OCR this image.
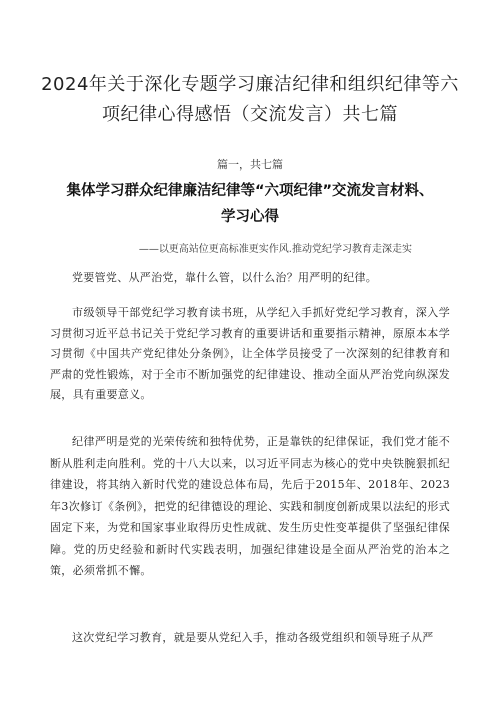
2024年关于深化专题学习廉洁纪律和组织纪律等六
项纪律心得感悟（交流发言）共七篇
篇一，共七篇
集体学习群众纪律廉洁纪律等“六项纪律”交流发言材料、
学习心得
——以更高站位更高标准更实作风.推动党纪学习教育走深走实

党要管党、从严治党，靠什么管，以什么治？用严明的纪律。

市级领导干部党纪学习教育读书班，从学纪入手抓好党纪学习教育，深入学习贯彻习近平总书记关于党纪学习教育的重要讲话和重要指示精神，原原本本学习贯彻《中国共产党纪律处分条例》，让全体学员接受了一次深刻的纪律教育和严肃的党性锻炼，对于全市不断加强党的纪律建设、推动全面从严治党向纵深发展，具有重要意义。

纪律严明是党的光荣传统和独特优势，正是靠铁的纪律保证，我们党才能不断从胜利走向胜利。党的十八大以来，以习近平同志为核心的党中央铁腕狠抓纪律建设，将其纳入新时代党的建设总体布局，先后于2015年、2018年、2023年3次修订《条例》，把党的纪律德设的理论、实践和制度创新成果以法纪的形式固定下来，为党和国家事业取得历史性成就、发生历史性变革提供了坚强纪律保障。党的历史经验和新时代实践表明，加强纪律建设是全面从严治党的治本之策，必须常抓不懈。

这次党纪学习教育，就是要从党纪入手，推动各级党组织和领导班子从严
